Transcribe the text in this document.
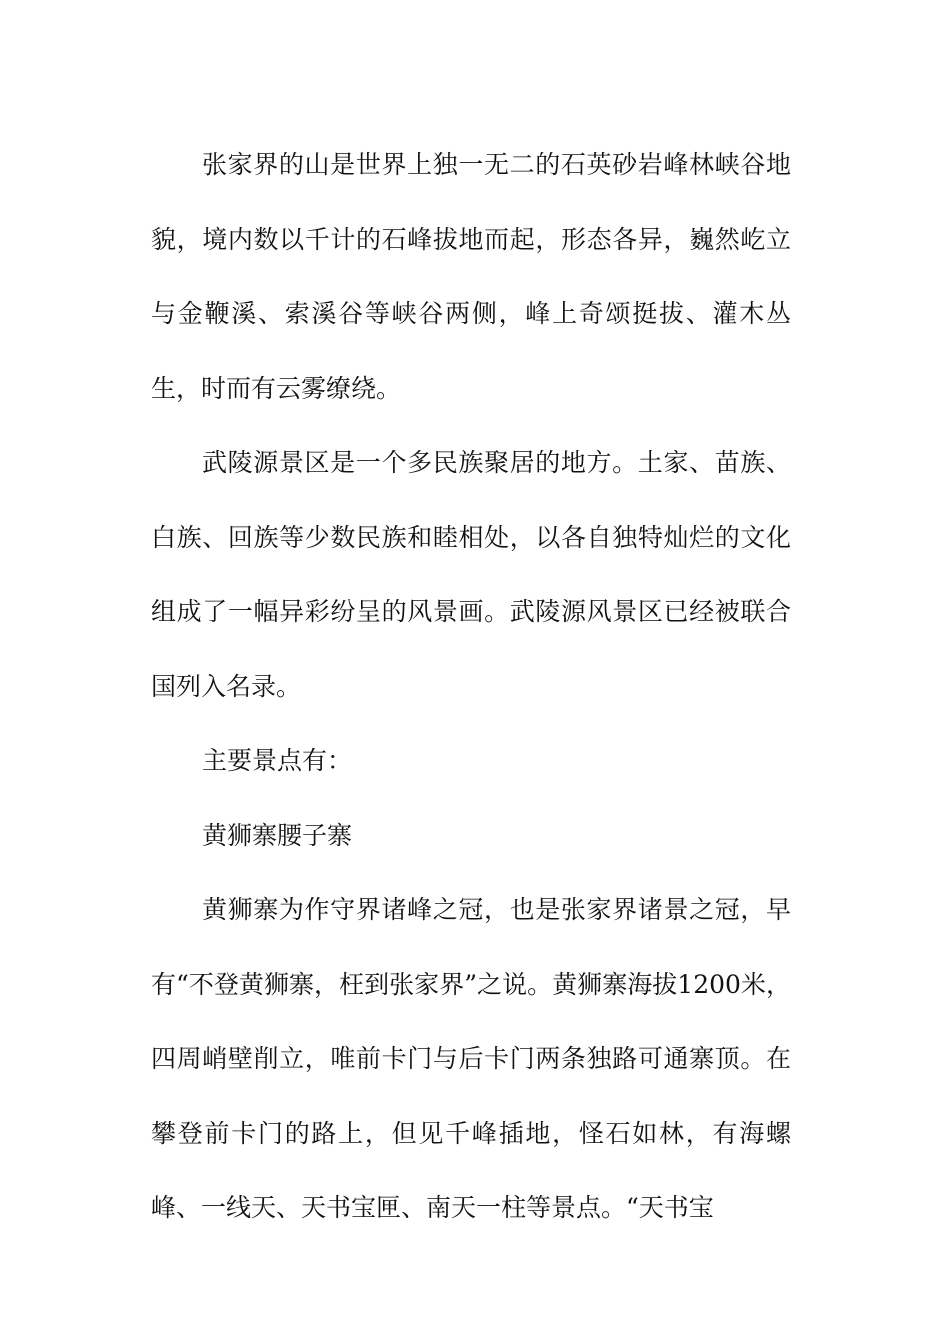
张家界的山是世界上独一无二的石英砂岩峰林峡谷地貌，境内数以千计的石峰拔地而起，形态各异，巍然屹立与金鞭溪、索溪谷等峡谷两侧，峰上奇颂挺拔、灌木丛生，时而有云雾缭绕。

武陵源景区是一个多民族聚居的地方。土家、苗族、白族、回族等少数民族和睦相处，以各自独特灿烂的文化组成了一幅异彩纷呈的风景画。武陵源风景区已经被联合国列入名录。

主要景点有：

黄狮寨腰子寨

黄狮寨为作守界诸峰之冠，也是张家界诸景之冠，早有“不登黄狮寨，枉到张家界”之说。黄狮寨海拔1200米，四周峭壁削立，唯前卡门与后卡门两条独路可通寨顶。在攀登前卡门的路上，但见千峰插地，怪石如林，有海螺峰、一线天、天书宝匣、南天一柱等景点。“天书宝
